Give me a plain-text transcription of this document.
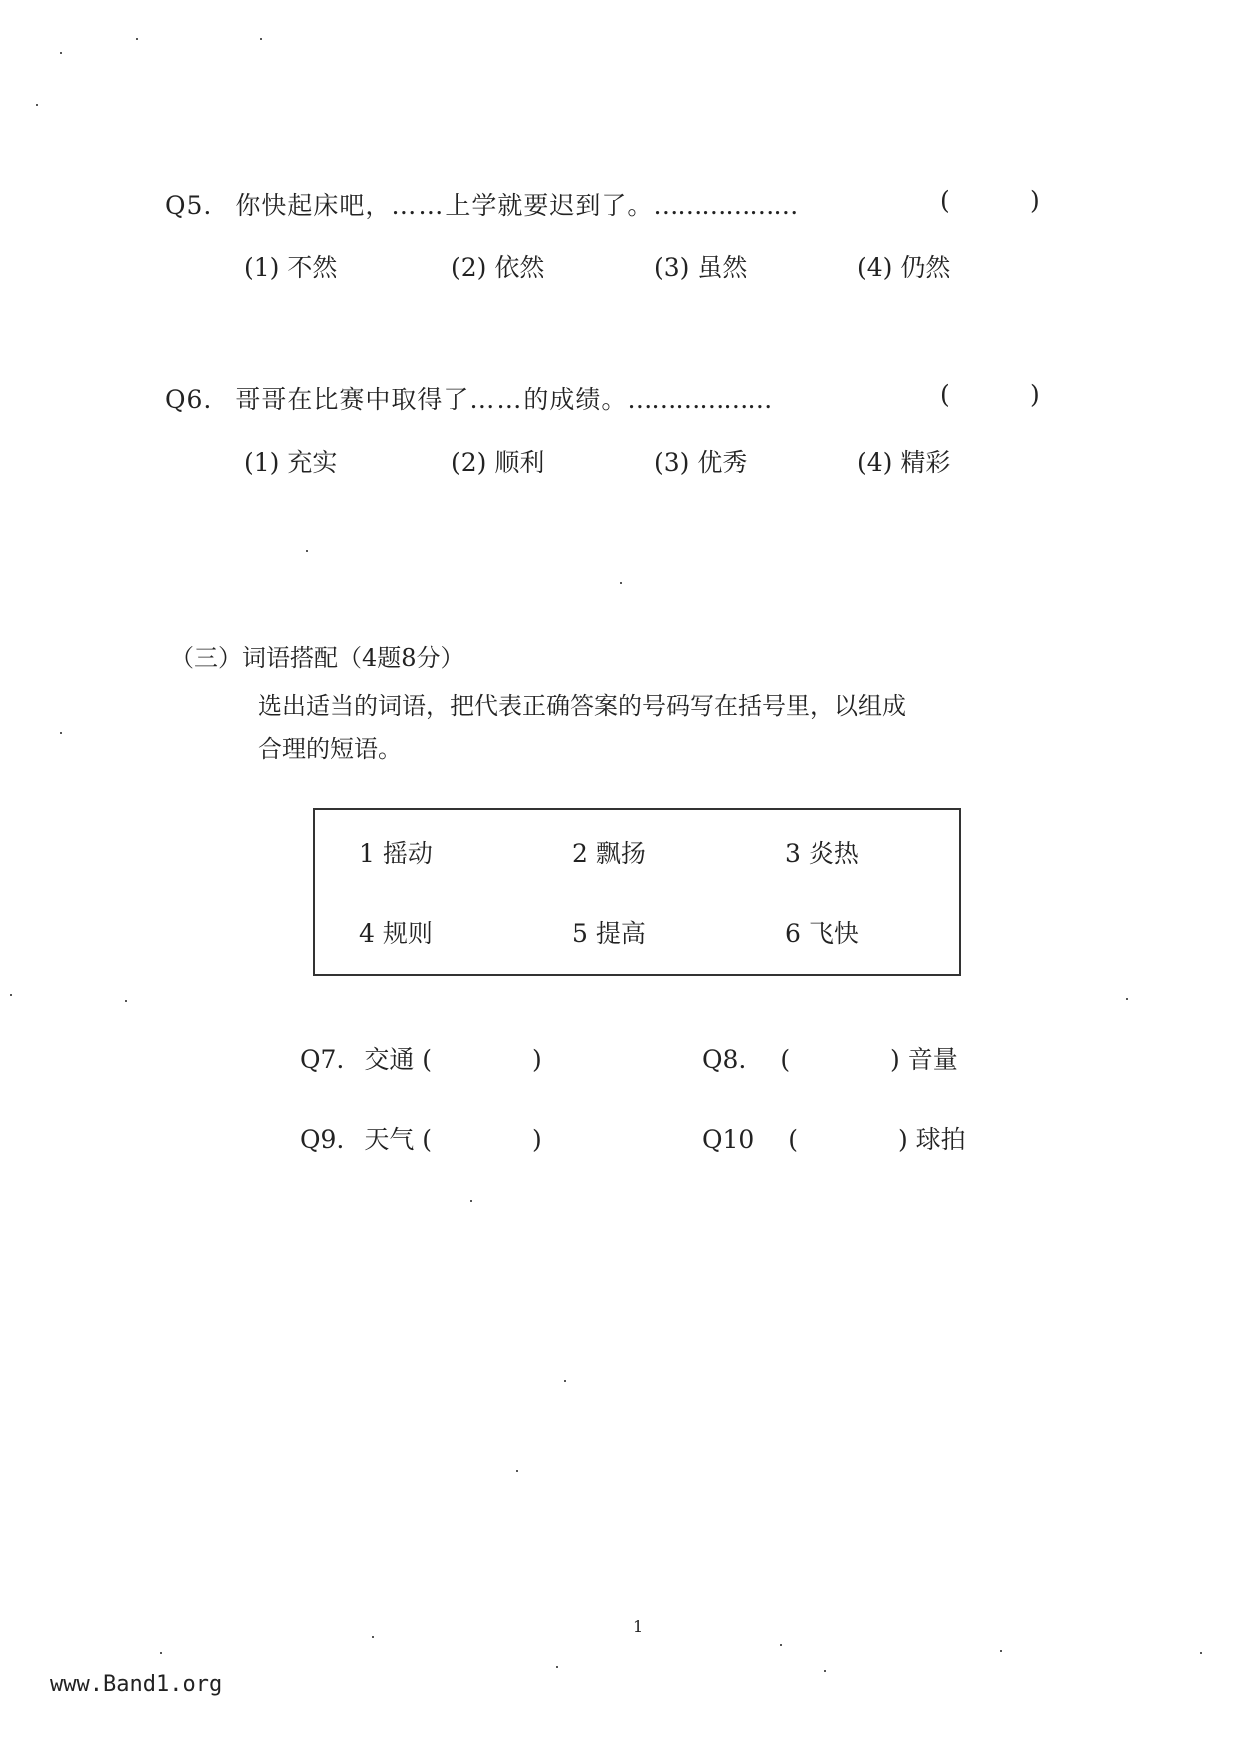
Q5. 你快起床吧，……上学就要迟到了。………………	(	)
(1) 不然	(2) 依然	(3) 虽然	(4) 仍然
Q6. 哥哥在比赛中取得了……的成绩。………………	(	)
(1) 充实	(2) 顺利	(3) 优秀	(4) 精彩
（三）词语搭配（4题8分）
选出适当的词语，把代表正确答案的号码写在括号里，以组成
合理的短语。
1 摇动	2 飘扬	3 炎热
4 规则	5 提高	6 飞快
Q7. 交通 (	)	Q8. (	) 音量
Q9. 天气 (	)	Q10 (	) 球拍
1
www.Band1.org
